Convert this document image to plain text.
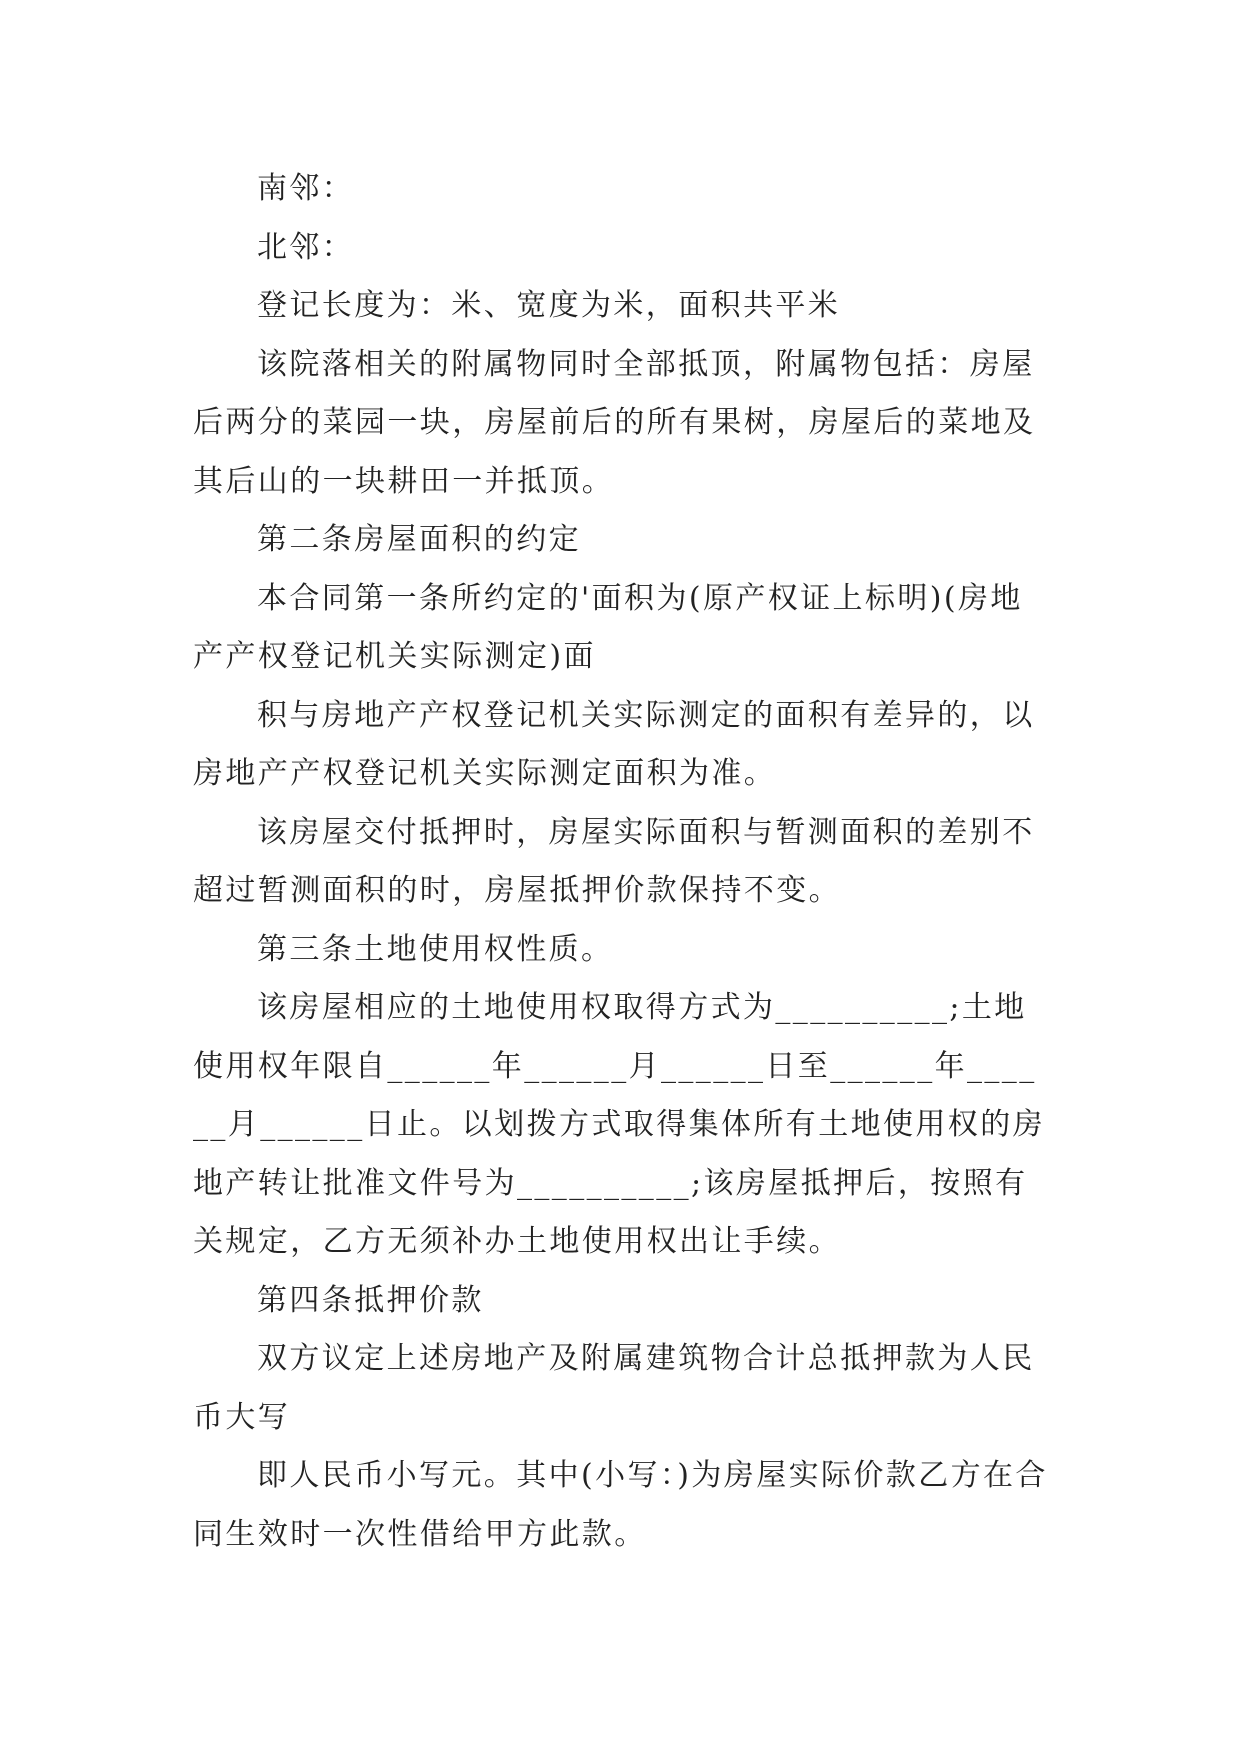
南邻：

北邻：

登记长度为：米、宽度为米，面积共平米

该院落相关的附属物同时全部抵顶，附属物包括：房屋后两分的菜园一块，房屋前后的所有果树，房屋后的菜地及其后山的一块耕田一并抵顶。

第二条房屋面积的约定

本合同第一条所约定的'面积为(原产权证上标明)(房地产产权登记机关实际测定)面

积与房地产产权登记机关实际测定的面积有差异的，以房地产产权登记机关实际测定面积为准。

该房屋交付抵押时，房屋实际面积与暂测面积的差别不超过暂测面积的时，房屋抵押价款保持不变。

第三条土地使用权性质。

该房屋相应的土地使用权取得方式为__________;土地使用权年限自______年______月______日至______年______月______日止。以划拨方式取得集体所有土地使用权的房地产转让批准文件号为__________;该房屋抵押后，按照有关规定，乙方无须补办土地使用权出让手续。

第四条抵押价款

双方议定上述房地产及附属建筑物合计总抵押款为人民币大写

即人民币小写元。其中(小写：)为房屋实际价款乙方在合同生效时一次性借给甲方此款。
